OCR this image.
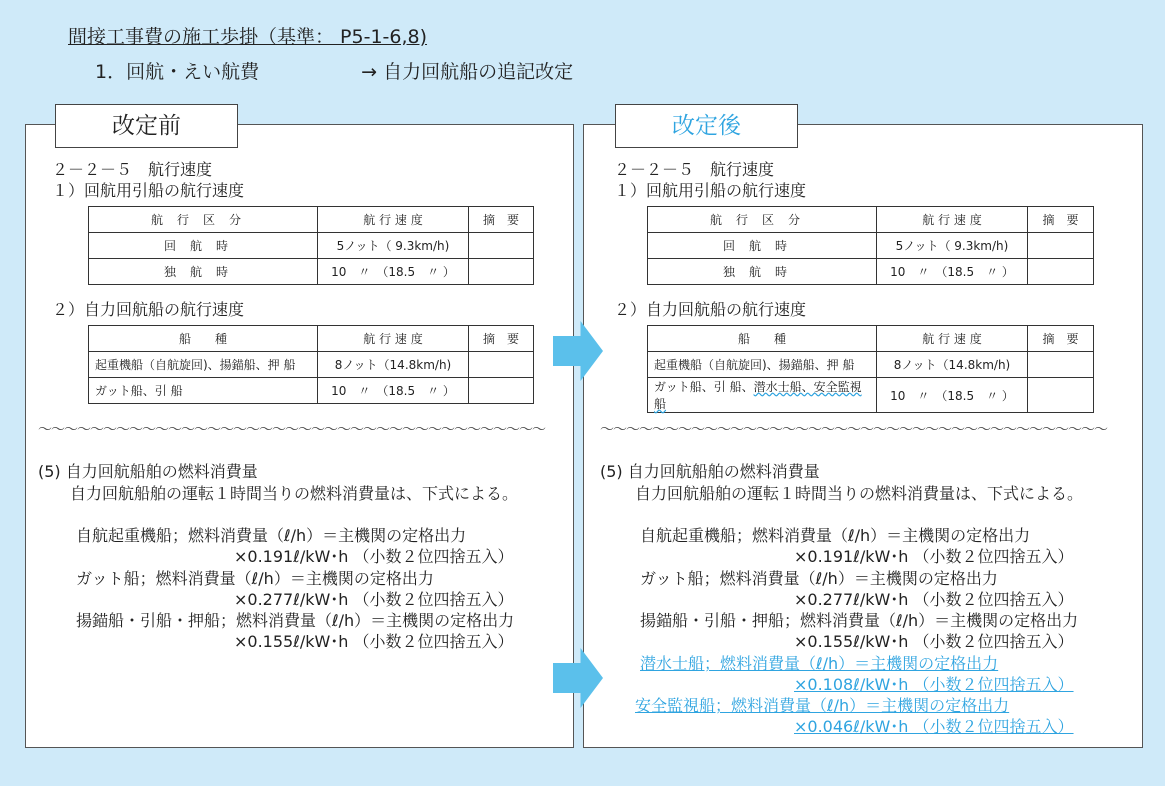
間接工事費の施工歩掛（基準： P5-1-6,8)
1．回航・えい航費	→ 自力回航船の追記改定
２－２－５　航行速度
１）回航用引船の航行速度
航行区分	航 行 速 度	摘　要
回航時	5ノット（ 9.3km/h)	
独航時	10　〃　（18.5　〃 ）	
２）自力回航船の航行速度
船　　種	航 行 速 度	摘　要
起重機船（自航旋回)、揚錨船、押 船	8ノット（14.8km/h)	
ガット船、引 船	10　〃　（18.5　〃 ）	
～～～～～～～～～～～～～～～～～～～～～～～～～～～～～～～～～～～～～～～
(5) 自力回航船舶の燃料消費量
自力回航船舶の運転１時間当りの燃料消費量は、下式による。
自航起重機船；燃料消費量（ℓ/h）＝主機関の定格出力
×0.191ℓ/kW･h （小数２位四捨五入）
ガット船；燃料消費量（ℓ/h）＝主機関の定格出力
×0.277ℓ/kW･h （小数２位四捨五入）
揚錨船・引船・押船；燃料消費量（ℓ/h）＝主機関の定格出力
×0.155ℓ/kW･h （小数２位四捨五入）
改定前
２－２－５　航行速度
１）回航用引船の航行速度
航行区分	航 行 速 度	摘　要
回航時	5ノット（ 9.3km/h)	
独航時	10　〃　（18.5　〃 ）	
２）自力回航船の航行速度
船　　種	航 行 速 度	摘　要
起重機船（自航旋回)、揚錨船、押 船	8ノット（14.8km/h)	
ガット船、引 船、潜水士船、安全監視船	10　〃　（18.5　〃 ）	
～～～～～～～～～～～～～～～～～～～～～～～～～～～～～～～～～～～～～～～
(5) 自力回航船舶の燃料消費量
自力回航船舶の運転１時間当りの燃料消費量は、下式による。
自航起重機船；燃料消費量（ℓ/h）＝主機関の定格出力
×0.191ℓ/kW･h （小数２位四捨五入）
ガット船；燃料消費量（ℓ/h）＝主機関の定格出力
×0.277ℓ/kW･h （小数２位四捨五入）
揚錨船・引船・押船；燃料消費量（ℓ/h）＝主機関の定格出力
×0.155ℓ/kW･h （小数２位四捨五入）
潜水士船；燃料消費量（ℓ/h）＝主機関の定格出力
×0.108ℓ/kW･h （小数２位四捨五入）
安全監視船；燃料消費量（ℓ/h）＝主機関の定格出力
×0.046ℓ/kW･h （小数２位四捨五入）
改定後
